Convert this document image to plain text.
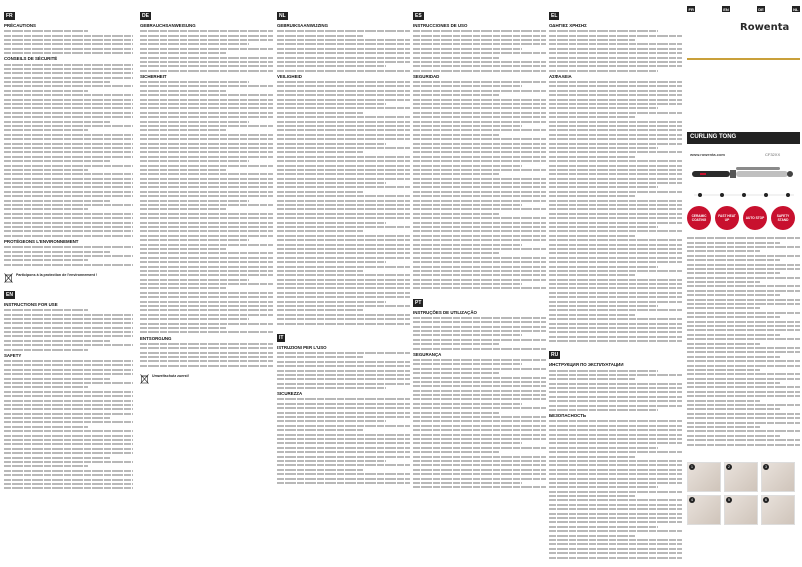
FR
PRÉCAUTIONS
CONSEILS DE SÉCURITÉ
PROTÉGEONS L'ENVIRONNEMENT
Participons à la protection de l'environnement !
EN
INSTRUCTIONS FOR USE
SAFETY
DE
GEBRAUCHSANWEISUNG
SICHERHEIT
ENTSORGUNG
Umweltschutz zuerst!
NL
GEBRUIKSAANWIJZING
VEILIGHEID
IT
ISTRUZIONI PER L'USO
SICUREZZA
ES
INSTRUCCIONES DE USO
SEGURIDAD
PT
INSTRUÇÕES DE UTILIZAÇÃO
SEGURANÇA
EL
ΟΔΗΓΙΕΣ ΧΡΗΣΗΣ
ΑΣΦΑΛΕΙΑ
RU
ИНСТРУКЦИЯ ПО ЭКСПЛУАТАЦИИ
БЕЗОПАСНОСТЬ
FR	EN	DE	NL
Rowenta
CURLING TONG
www.rowenta.com	CF32XX
CERAMIC COATING
FAST HEAT UP	AUTO STOP	SAFETY STAND
1	2	3
4	5	6
